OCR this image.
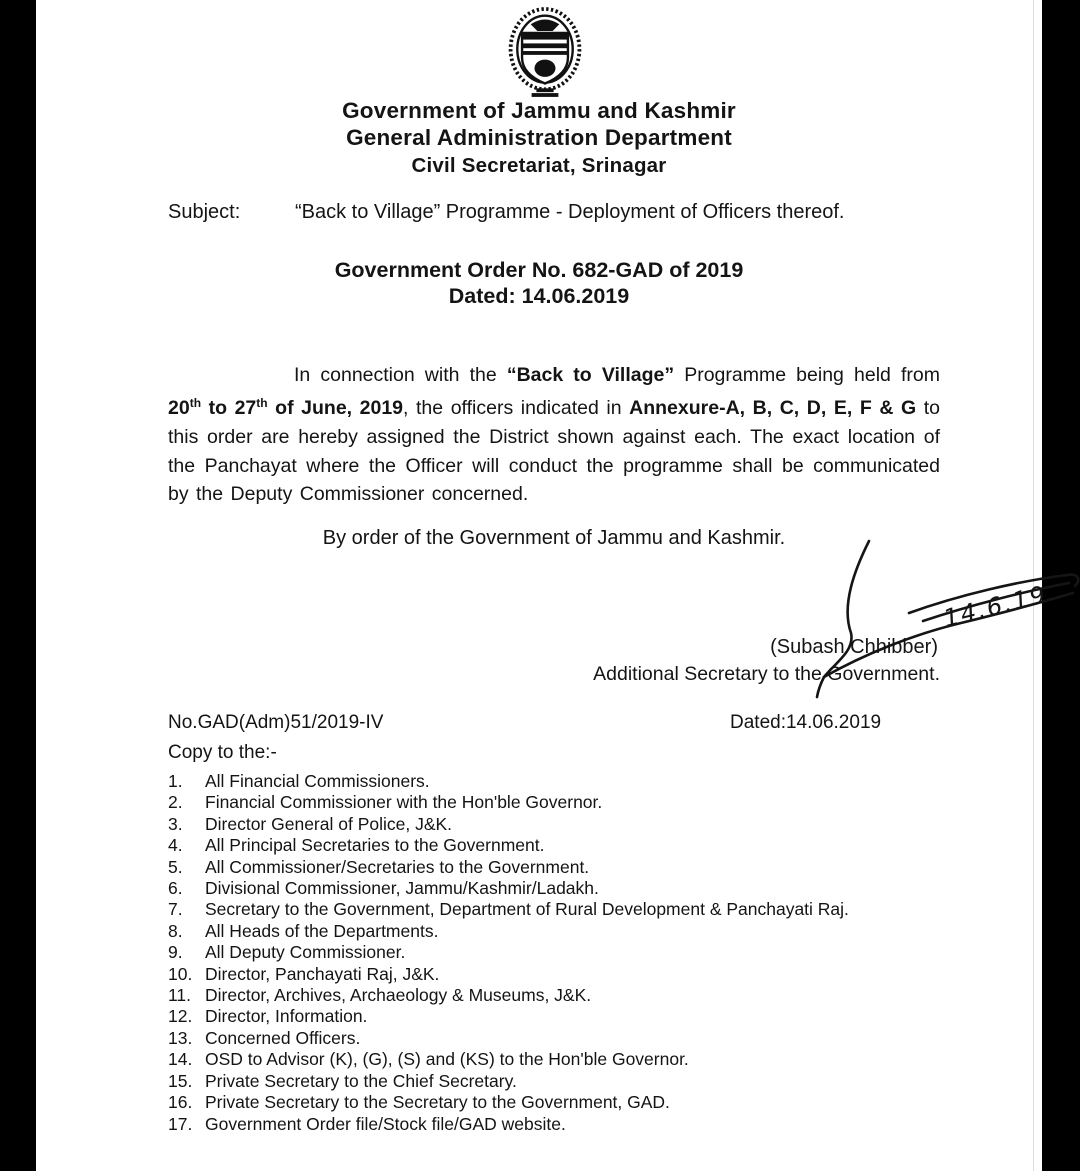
Government of Jammu and Kashmir
General Administration Department
Civil Secretariat, Srinagar
Subject:	“Back to Village” Programme - Deployment of Officers thereof.
Government Order No. 682-GAD of 2019
Dated: 14.06.2019

In connection with the “Back to Village” Programme being held from 20th to 27th of June, 2019, the officers indicated in Annexure-A, B, C, D, E, F & G to this order are hereby assigned the District shown against each. The exact location of the Panchayat where the Officer will conduct the programme shall be communicated by the Deputy Commissioner concerned.

By order of the Government of Jammu and Kashmir.
14.6.19
(Subash Chhibber)
Additional Secretary to the Government.
No.GAD(Adm)51/2019-IV	Dated:14.06.2019
Copy to the:-
1.	All Financial Commissioners.
2.	Financial Commissioner with the Hon'ble Governor.
3.	Director General of Police, J&K.
4.	All Principal Secretaries to the Government.
5.	All Commissioner/Secretaries to the Government.
6.	Divisional Commissioner, Jammu/Kashmir/Ladakh.
7.	Secretary to the Government, Department of Rural Development & Panchayati Raj.
8.	All Heads of the Departments.
9.	All Deputy Commissioner.
10. Director, Panchayati Raj, J&K.
11. Director, Archives, Archaeology & Museums, J&K.
12. Director, Information.
13. Concerned Officers.
14. OSD to Advisor (K), (G), (S) and (KS) to the Hon'ble Governor.
15. Private Secretary to the Chief Secretary.
16. Private Secretary to the Secretary to the Government, GAD.
17. Government Order file/Stock file/GAD website.
